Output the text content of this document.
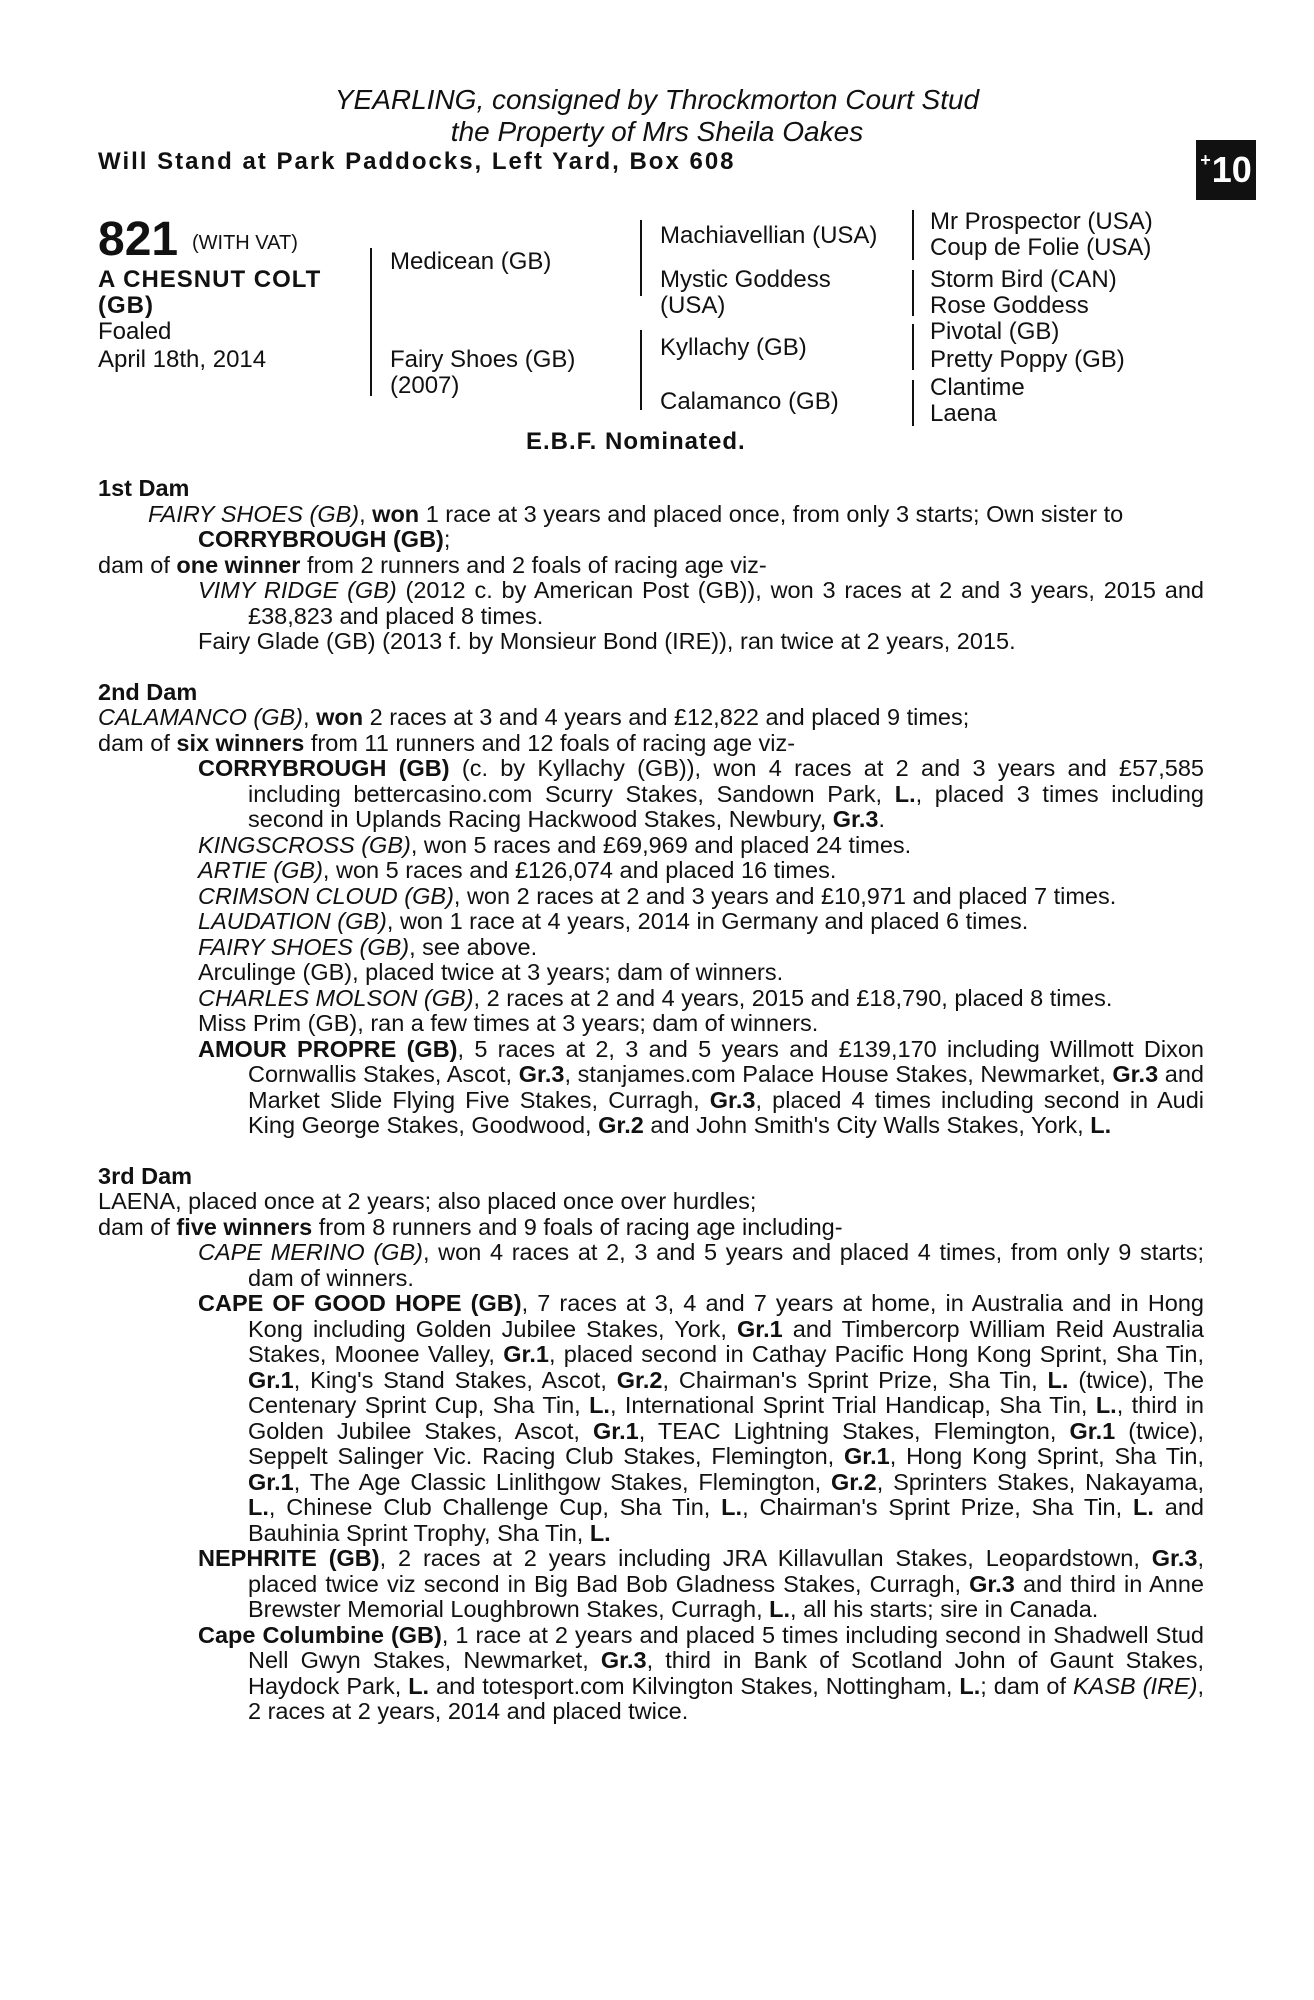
YEARLING, consigned by Throckmorton Court Stud
the Property of Mrs Sheila Oakes
Will Stand at Park Paddocks, Left Yard, Box 608	+ 10
821 (WITH VAT)
A CHESNUT COLT
(GB)
Foaled
April 18th, 2014
Medicean (GB)
Fairy Shoes (GB)
(2007)
Machiavellian (USA)
Mystic Goddess
(USA)
Kyllachy (GB)
Calamanco (GB)
Mr Prospector (USA)
Coup de Folie (USA)
Storm Bird (CAN)
Rose Goddess
Pivotal (GB)
Pretty Poppy (GB)
Clantime
Laena
E.B.F. Nominated.

1st Dam

FAIRY SHOES (GB), won 1 race at 3 years and placed once, from only 3 starts; Own sister to
CORRYBROUGH (GB);

dam of one winner from 2 runners and 2 foals of racing age viz-

VIMY RIDGE (GB) (2012 c. by American Post (GB)), won 3 races at 2 and 3 years, 2015 and £38,823 and placed 8 times.

Fairy Glade (GB) (2013 f. by Monsieur Bond (IRE)), ran twice at 2 years, 2015.

2nd Dam

CALAMANCO (GB), won 2 races at 3 and 4 years and £12,822 and placed 9 times;

dam of six winners from 11 runners and 12 foals of racing age viz-

CORRYBROUGH (GB) (c. by Kyllachy (GB)), won 4 races at 2 and 3 years and £57,585 including bettercasino.com Scurry Stakes, Sandown Park, L., placed 3 times including second in Uplands Racing Hackwood Stakes, Newbury, Gr.3.

KINGSCROSS (GB), won 5 races and £69,969 and placed 24 times.

ARTIE (GB), won 5 races and £126,074 and placed 16 times.

CRIMSON CLOUD (GB), won 2 races at 2 and 3 years and £10,971 and placed 7 times.

LAUDATION (GB), won 1 race at 4 years, 2014 in Germany and placed 6 times.

FAIRY SHOES (GB), see above.

Arculinge (GB), placed twice at 3 years; dam of winners.

CHARLES MOLSON (GB), 2 races at 2 and 4 years, 2015 and £18,790, placed 8 times.

Miss Prim (GB), ran a few times at 3 years; dam of winners.

AMOUR PROPRE (GB), 5 races at 2, 3 and 5 years and £139,170 including Willmott Dixon Cornwallis Stakes, Ascot, Gr.3, stanjames.com Palace House Stakes, Newmarket, Gr.3 and Market Slide Flying Five Stakes, Curragh, Gr.3, placed 4 times including second in Audi King George Stakes, Goodwood, Gr.2 and John Smith's City Walls Stakes, York, L.

3rd Dam

LAENA, placed once at 2 years; also placed once over hurdles;

dam of five winners from 8 runners and 9 foals of racing age including-

CAPE MERINO (GB), won 4 races at 2, 3 and 5 years and placed 4 times, from only 9 starts; dam of winners.

CAPE OF GOOD HOPE (GB), 7 races at 3, 4 and 7 years at home, in Australia and in Hong Kong including Golden Jubilee Stakes, York, Gr.1 and Timbercorp William Reid Australia Stakes, Moonee Valley, Gr.1, placed second in Cathay Pacific Hong Kong Sprint, Sha Tin, Gr.1, King's Stand Stakes, Ascot, Gr.2, Chairman's Sprint Prize, Sha Tin, L. (twice), The Centenary Sprint Cup, Sha Tin, L., International Sprint Trial Handicap, Sha Tin, L., third in Golden Jubilee Stakes, Ascot, Gr.1, TEAC Lightning Stakes, Flemington, Gr.1 (twice), Seppelt Salinger Vic. Racing Club Stakes, Flemington, Gr.1, Hong Kong Sprint, Sha Tin, Gr.1, The Age Classic Linlithgow Stakes, Flemington, Gr.2, Sprinters Stakes, Nakayama, L., Chinese Club Challenge Cup, Sha Tin, L., Chairman's Sprint Prize, Sha Tin, L. and Bauhinia Sprint Trophy, Sha Tin, L.

NEPHRITE (GB), 2 races at 2 years including JRA Killavullan Stakes, Leopardstown, Gr.3, placed twice viz second in Big Bad Bob Gladness Stakes, Curragh, Gr.3 and third in Anne Brewster Memorial Loughbrown Stakes, Curragh, L., all his starts; sire in Canada.

Cape Columbine (GB), 1 race at 2 years and placed 5 times including second in Shadwell Stud Nell Gwyn Stakes, Newmarket, Gr.3, third in Bank of Scotland John of Gaunt Stakes, Haydock Park, L. and totesport.com Kilvington Stakes, Nottingham, L.; dam of KASB (IRE), 2 races at 2 years, 2014 and placed twice.
